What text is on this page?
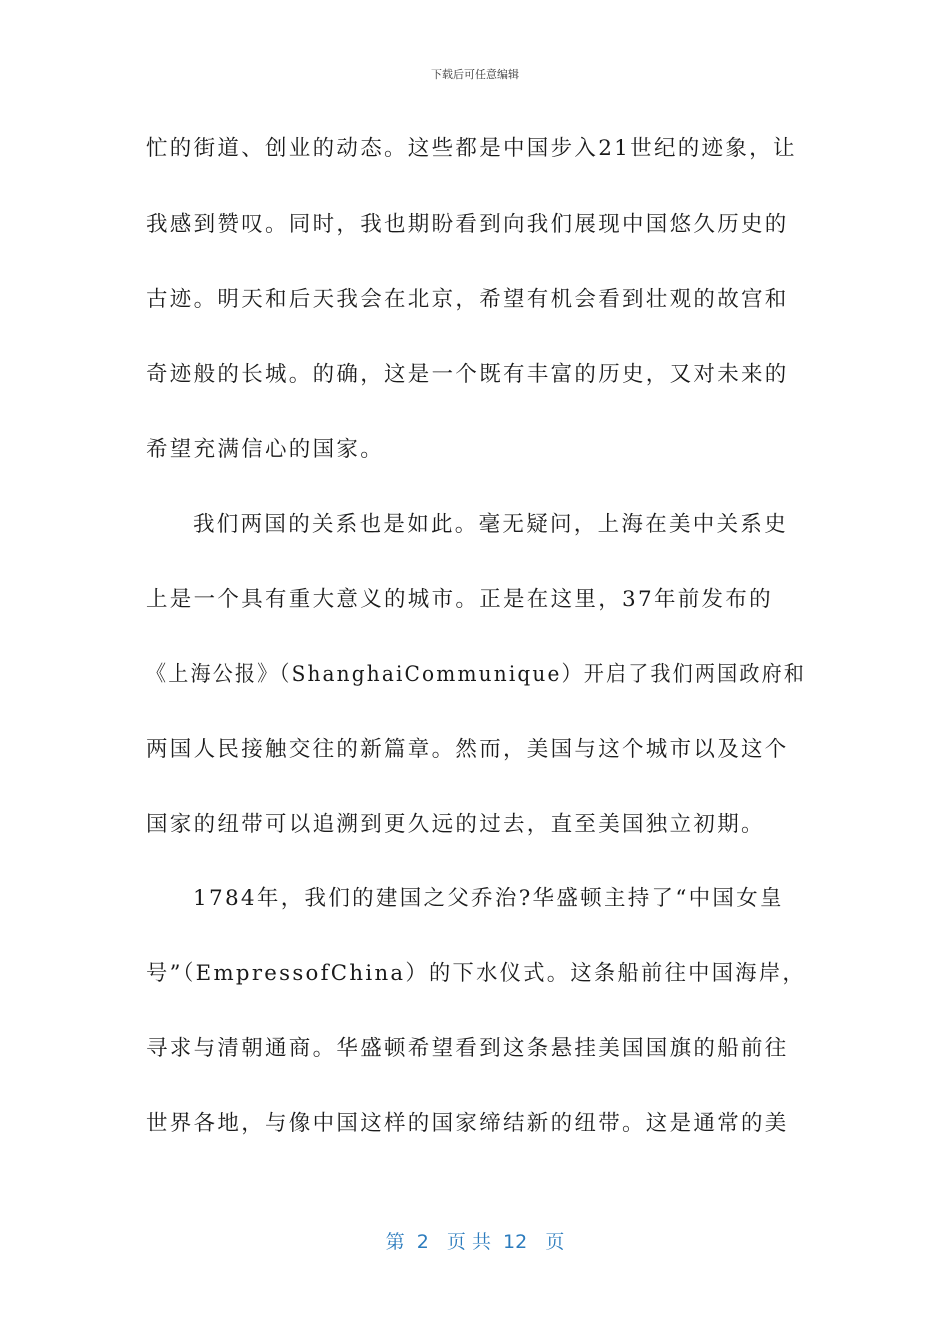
下载后可任意编辑
忙的街道、创业的动态。这些都是中国步入21世纪的迹象，让
我感到赞叹。同时，我也期盼看到向我们展现中国悠久历史的
古迹。明天和后天我会在北京，希望有机会看到壮观的故宫和
奇迹般的长城。的确，这是一个既有丰富的历史，又对未来的
希望充满信心的国家。
我们两国的关系也是如此。毫无疑问，上海在美中关系史
上是一个具有重大意义的城市。正是在这里，37年前发布的
《上海公报》（ShanghaiCommunique）开启了我们两国政府和
两国人民接触交往的新篇章。然而，美国与这个城市以及这个
国家的纽带可以追溯到更久远的过去，直至美国独立初期。
1784年，我们的建国之父乔治?华盛顿主持了“中国女皇
号”（EmpressofChina）的下水仪式。这条船前往中国海岸，
寻求与清朝通商。华盛顿希望看到这条悬挂美国国旗的船前往
世界各地，与像中国这样的国家缔结新的纽带。这是通常的美
第  2   页 共  12   页
